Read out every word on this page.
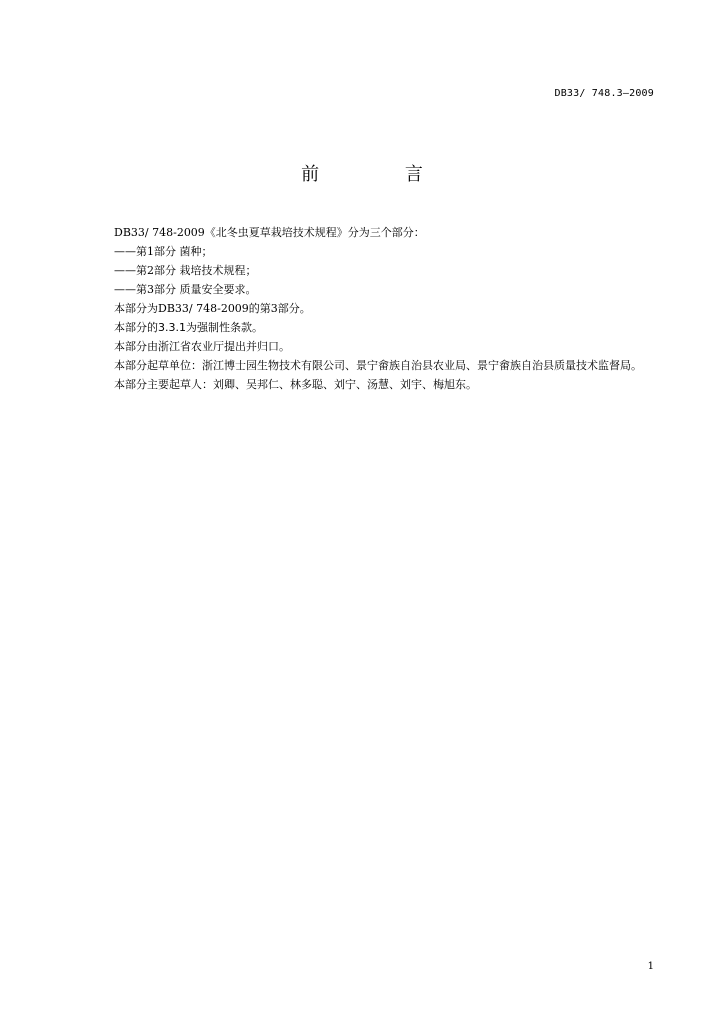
DB33/ 748.3—2009
前 言

DB33/ 748-2009《北冬虫夏草栽培技术规程》分为三个部分：

——第1部分 菌种；

——第2部分 栽培技术规程；

——第3部分 质量安全要求。

本部分为DB33/ 748-2009的第3部分。

本部分的3.3.1为强制性条款。

本部分由浙江省农业厅提出并归口。

本部分起草单位：浙江博士园生物技术有限公司、景宁畲族自治县农业局、景宁畲族自治县质量技术监督局。

本部分主要起草人：刘卿、吴邦仁、林多聪、刘宁、汤慧、刘宇、梅旭东。

1
